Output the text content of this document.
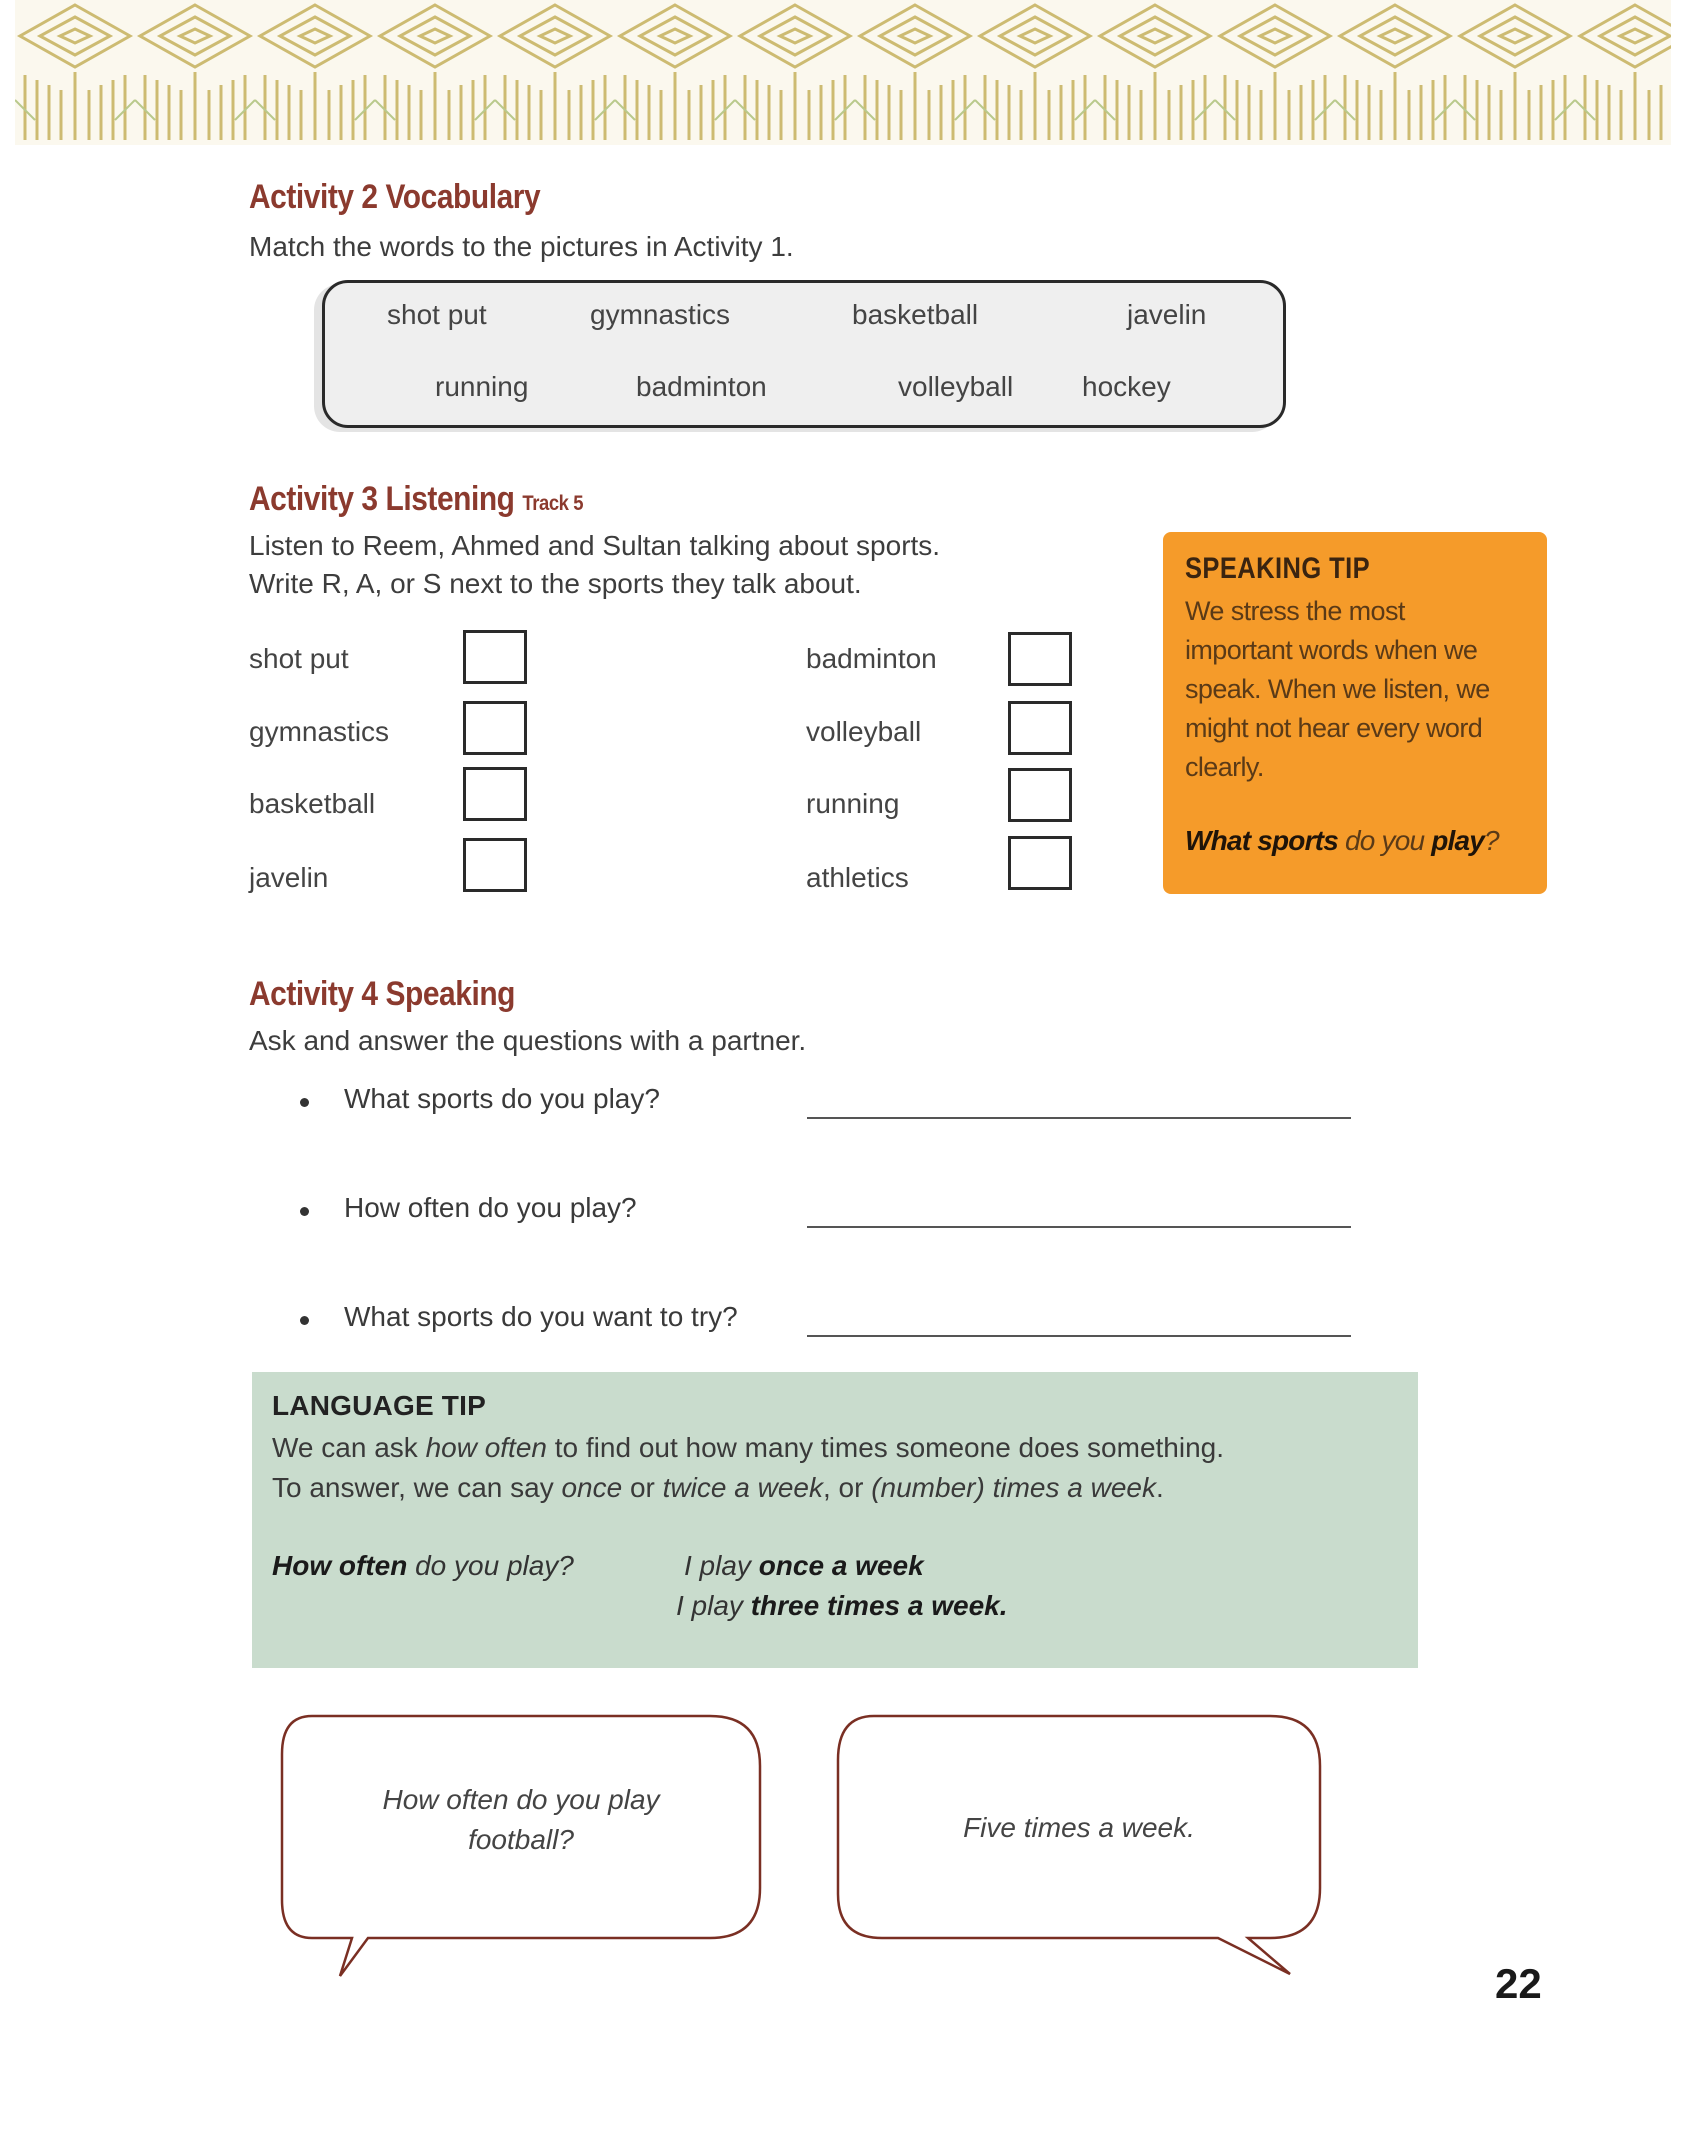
Activity 2 Vocabulary
Match the words to the pictures in Activity 1.
shot put	gymnastics	basketball	javelin
running	badminton	volleyball hockey
Activity 3 Listening Track 5
Listen to Reem, Ahmed and Sultan talking about sports.
Write R, A, or S next to the sports they talk about.
shot put
gymnastics
basketball
javelin
badminton
volleyball
running
athletics
SPEAKING TIP
We stress the most
important words when we
speak. When we listen, we
might not hear every word
clearly.
What sports do you play?
Activity 4 Speaking
Ask and answer the questions with a partner.
What sports do you play?
How often do you play?
What sports do you want to try?
LANGUAGE TIP
We can ask how often to find out how many times someone does something.
To answer, we can say once or twice a week, or (number) times a week.
How often do you play?	I play once a week
I play three times a week.
How often do you play
football?	Five times a week.
22
